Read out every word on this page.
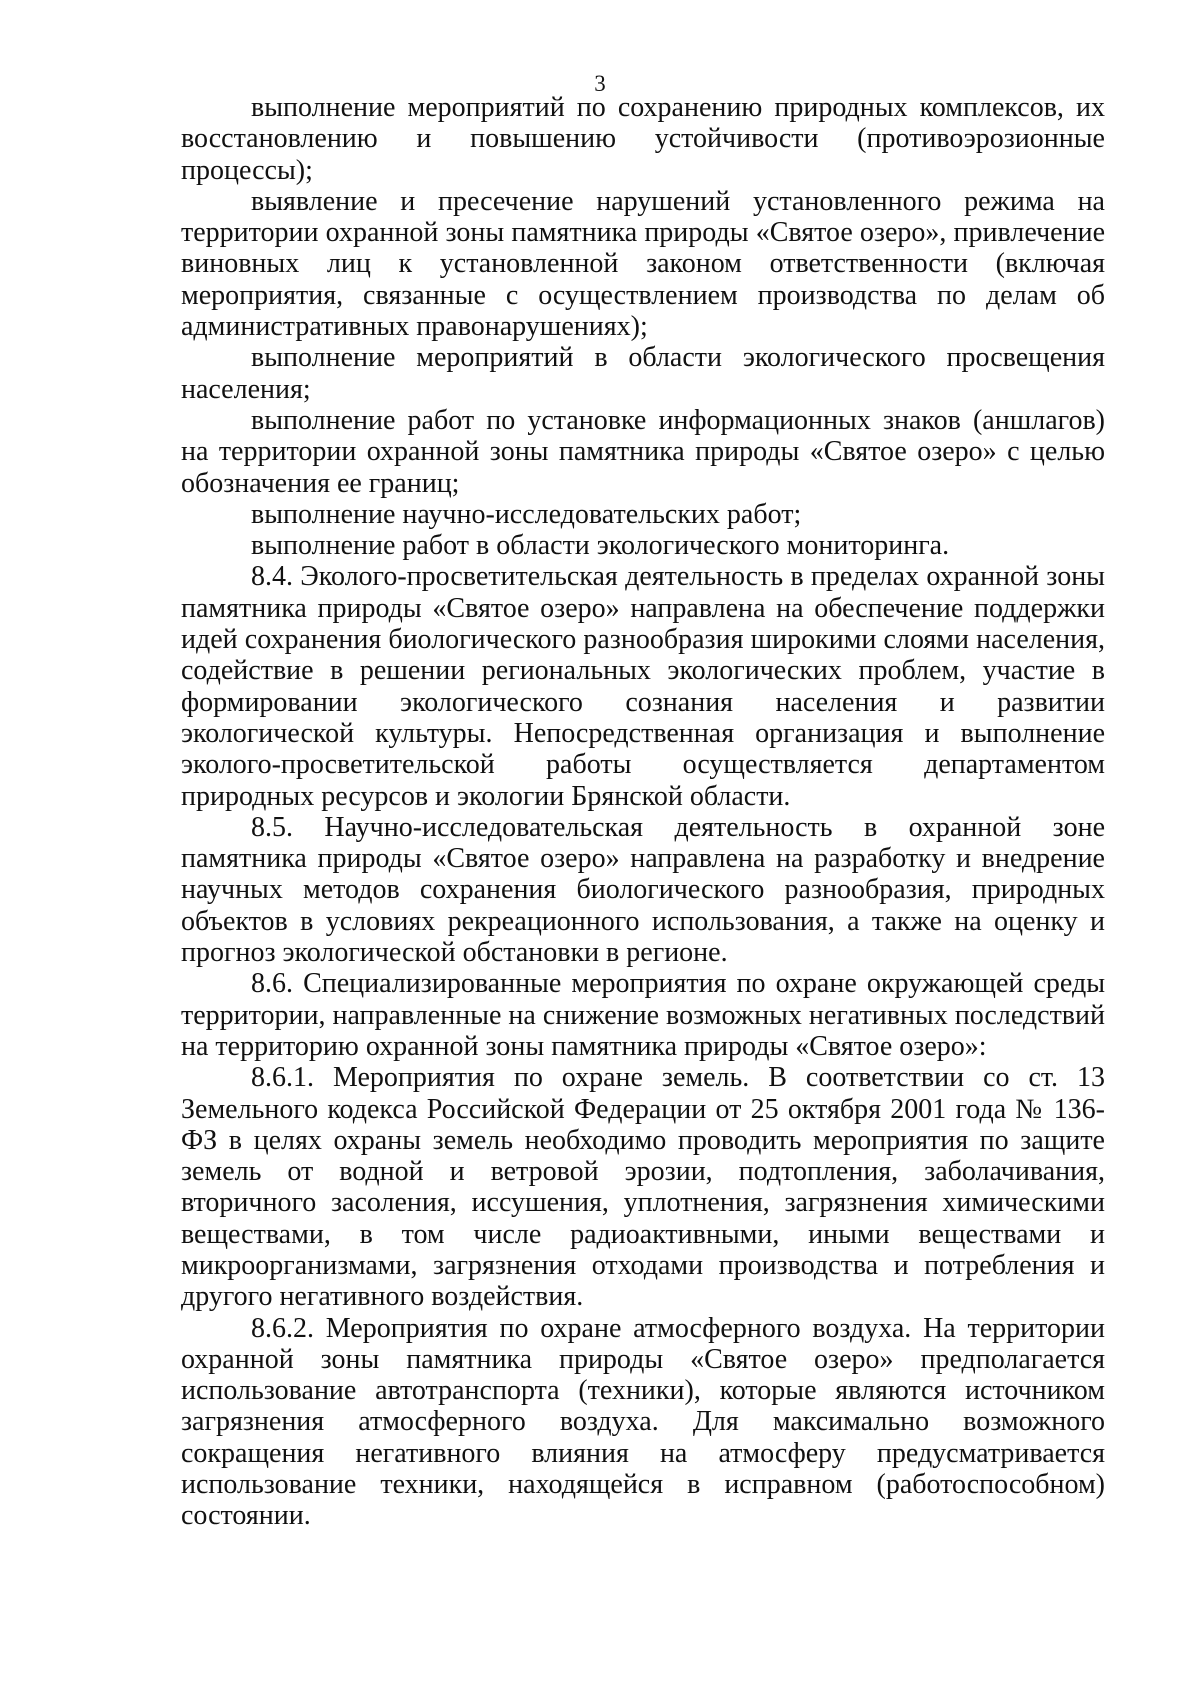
3

выполнение мероприятий по сохранению природных комплексов, их восстановлению и повышению устойчивости (противоэрозионные процессы);

выявление и пресечение нарушений установленного режима на территории охранной зоны памятника природы «Святое озеро», привлечение виновных лиц к установленной законом ответственности (включая мероприятия, связанные с осуществлением производства по делам об административных правонарушениях);

выполнение мероприятий в области экологического просвещения населения;

выполнение работ по установке информационных знаков (аншлагов) на территории охранной зоны памятника природы «Святое озеро» с целью обозначения ее границ;

выполнение научно-исследовательских работ;

выполнение работ в области экологического мониторинга.

8.4. Эколого-просветительская деятельность в пределах охранной зоны памятника природы «Святое озеро» направлена на обеспечение поддержки идей сохранения биологического разнообразия широкими слоями населения, содействие в решении региональных экологических проблем, участие в формировании экологического сознания населения и развитии экологической культуры. Непосредственная организация и выполнение эколого-просветительской работы осуществляется департаментом природных ресурсов и экологии Брянской области.

8.5. Научно-исследовательская деятельность в охранной зоне памятника природы «Святое озеро» направлена на разработку и внедрение научных методов сохранения биологического разнообразия, природных объектов в условиях рекреационного использования, а также на оценку и прогноз экологической обстановки в регионе.

8.6. Специализированные мероприятия по охране окружающей среды территории, направленные на снижение возможных негативных последствий на территорию охранной зоны памятника природы «Святое озеро»:

8.6.1. Мероприятия по охране земель. В соответствии со ст. 13 Земельного кодекса Российской Федерации от 25 октября 2001 года № 136-ФЗ в целях охраны земель необходимо проводить мероприятия по защите земель от водной и ветровой эрозии, подтопления, заболачивания, вторичного засоления, иссушения, уплотнения, загрязнения химическими веществами, в том числе радиоактивными, иными веществами и микроорганизмами, загрязнения отходами производства и потребления и другого негативного воздействия.

8.6.2. Мероприятия по охране атмосферного воздуха. На территории охранной зоны памятника природы «Святое озеро» предполагается использование автотранспорта (техники), которые являются источником загрязнения атмосферного воздуха. Для максимально возможного сокращения негативного влияния на атмосферу предусматривается использование техники, находящейся в исправном (работоспособном) состоянии.
